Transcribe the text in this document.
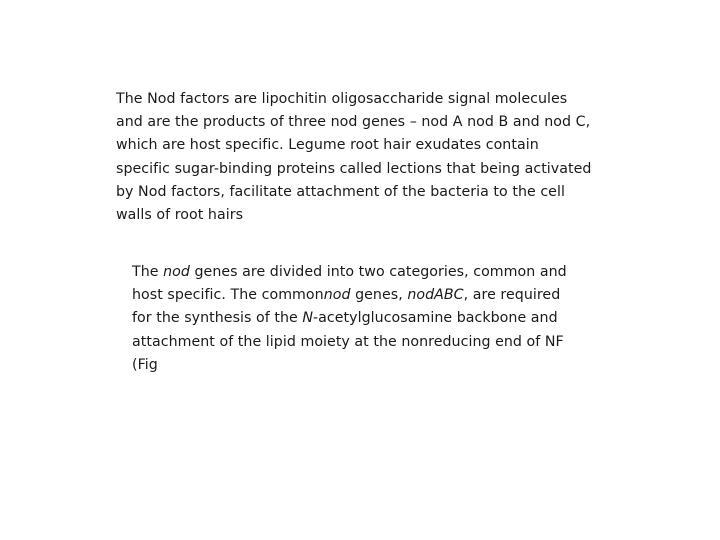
The Nod factors are lipochitin oligosaccharide signal molecules and are the products of three nod genes – nod A nod B and nod C, which are host specific. Legume root hair exudates contain specific sugar-binding proteins called lections that being activated by Nod factors, facilitate attachment of the bacteria to the cell walls of root hairs

The nod genes are divided into two categories, common and host specific. The commonnod genes, nodABC, are required for the synthesis of the N-acetylglucosamine backbone and attachment of the lipid moiety at the nonreducing end of NF (Fig
